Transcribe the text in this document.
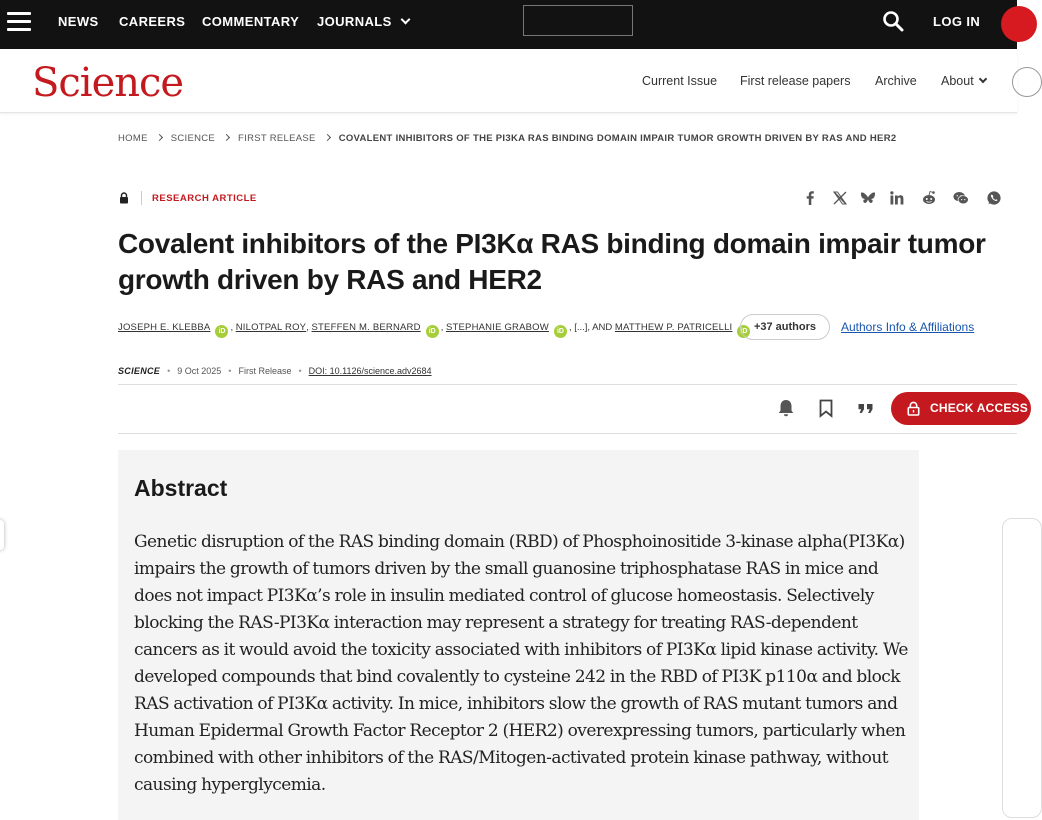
NEWS CAREERS COMMENTARY JOURNALS	LOG IN
Science	Current Issue First release papers Archive About
HOME SCIENCE FIRST RELEASE COVALENT INHIBITORS OF THE PI3KA RAS BINDING DOMAIN IMPAIR TUMOR GROWTH DRIVEN BY RAS AND HER2
RESEARCH ARTICLE
Covalent inhibitors of the PI3Kα RAS binding domain impair tumor growth driven by RAS and HER2
JOSEPH E. KLEBBA iD , NILOTPAL ROY, STEFFEN M. BERNARD iD , STEPHANIE GRABOW iD , [...], AND MATTHEW P. PATRICELLI iD +37 authors	Authors Info & Affiliations
SCIENCE • 9 Oct 2025 • First Release • DOI: 10.1126/science.adv2684
CHECK ACCESS
Abstract

Genetic disruption of the RAS binding domain (RBD) of Phosphoinositide 3-kinase alpha(PI3Kα) impairs the growth of tumors driven by the small guanosine triphosphatase RAS in mice and does not impact PI3Kα’s role in insulin mediated control of glucose homeostasis. Selectively blocking the RAS-PI3Kα interaction may represent a strategy for treating RAS-dependent cancers as it would avoid the toxicity associated with inhibitors of PI3Kα lipid kinase activity. We developed compounds that bind covalently to cysteine 242 in the RBD of PI3K p110α and block RAS activation of PI3Kα activity. In mice, inhibitors slow the growth of RAS mutant tumors and Human Epidermal Growth Factor Receptor 2 (HER2) overexpressing tumors, particularly when combined with other inhibitors of the RAS/Mitogen-activated protein kinase pathway, without causing hyperglycemia.
